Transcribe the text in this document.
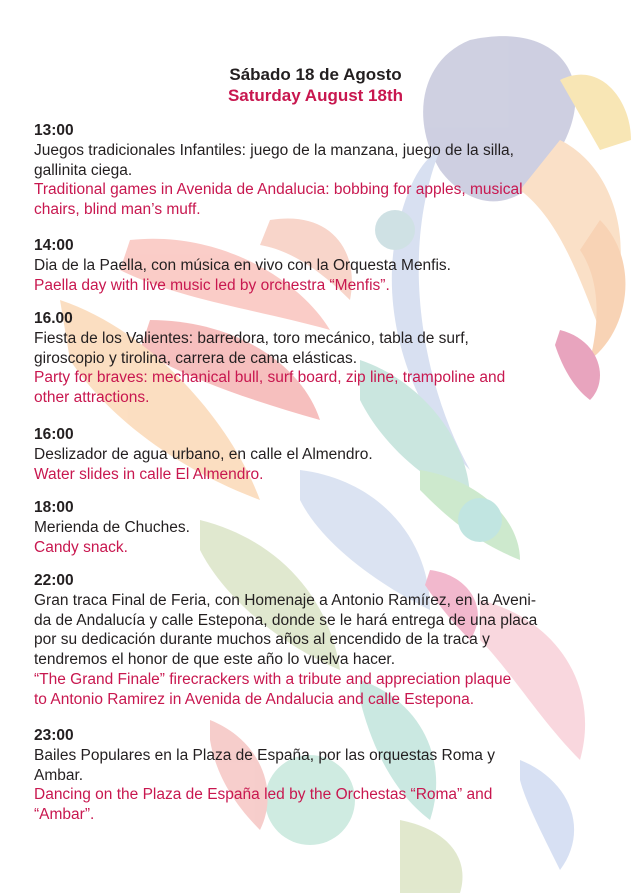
Sábado 18 de Agosto
Saturday August 18th
13:00
Juegos tradicionales Infantiles: juego de la manzana, juego de la silla,
gallinita ciega.
Traditional games in Avenida de Andalucia: bobbing for apples, musical
chairs, blind man’s muff.
14:00
Dia de la Paella, con música en vivo con la Orquesta Menfis.
Paella day with live music led by orchestra “Menfis”.
16.00
Fiesta de los Valientes: barredora, toro mecánico, tabla de surf,
giroscopio y tirolina, carrera de cama elásticas.
Party for braves: mechanical bull, surf board, zip line, trampoline and
other attractions.
16:00
Deslizador de agua urbano, en calle el Almendro.
Water slides in calle El Almendro.
18:00
Merienda de Chuches.
Candy snack.
22:00
Gran traca Final de Feria, con Homenaje a Antonio Ramírez, en la Aveni-
da de Andalucía y calle Estepona, donde se le hará entrega de una placa
por su dedicación durante muchos años al encendido de la traca y
tendremos el honor de que este año lo vuelva hacer.
“The Grand Finale” firecrackers with a tribute and appreciation plaque
to Antonio Ramirez in Avenida de Andalucia and calle Estepona.
23:00
Bailes Populares en la Plaza de España, por las orquestas Roma y
Ambar.
Dancing on the Plaza de España led by the Orchestas “Roma” and
“Ambar”.
